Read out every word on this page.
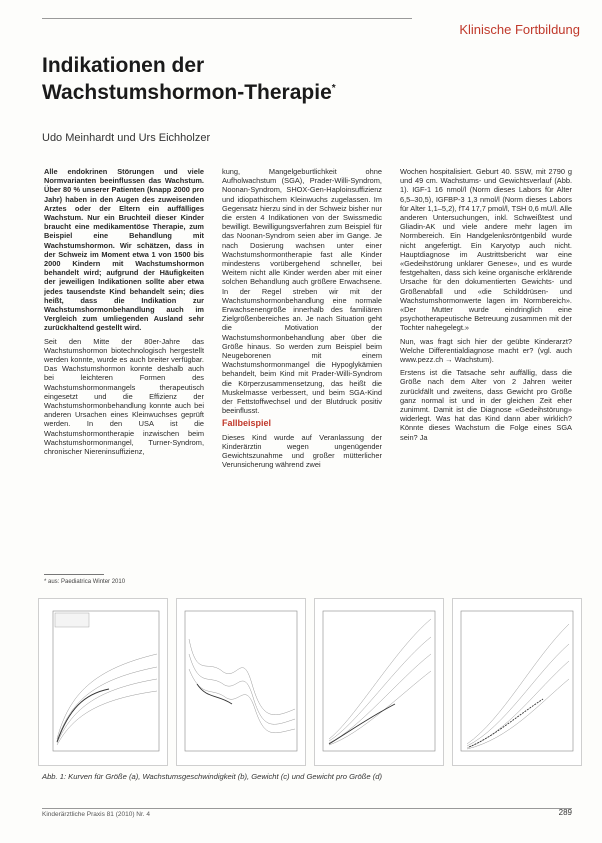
Klinische Fortbildung
Indikationen der
Wachstumshormon-Therapie*
Udo Meinhardt und Urs Eichholzer

Alle endokrinen Störungen und viele Normvarianten beeinflussen das Wachstum. Über 80 % unserer Patienten (knapp 2000 pro Jahr) haben in den Augen des zuweisenden Arztes oder der Eltern ein auffälliges Wachstum. Nur ein Bruchteil dieser Kinder braucht eine medikamentöse Therapie, zum Beispiel eine Behandlung mit Wachstumshormon. Wir schätzen, dass in der Schweiz im Moment etwa 1 von 1500 bis 2000 Kindern mit Wachstumshormon behandelt wird; aufgrund der Häufigkeiten der jeweiligen Indikationen sollte aber etwa jedes tausendste Kind behandelt sein; dies heißt, dass die Indikation zur Wachstumshormonbehandlung auch im Vergleich zum umliegenden Ausland sehr zurückhaltend gestellt wird.

Seit den Mitte der 80er-Jahre das Wachstumshormon biotechnologisch hergestellt werden konnte, wurde es auch breiter verfügbar. Das Wachstumshormon konnte deshalb auch bei leichteren Formen des Wachstumshormonmangels therapeutisch eingesetzt und die Effizienz der Wachstumshormonbehandlung konnte auch bei anderen Ursachen eines Kleinwuchses geprüft werden. In den USA ist die Wachstumshormontherapie inzwischen beim Wachstumshormonmangel, Turner-Syndrom, chronischer Niereninsuffizienz,

* aus: Paediatrica Winter 2010

kung, Mangelgeburtlichkeit ohne Aufholwachstum (SGA), Prader-Willi-Syndrom, Noonan-Syndrom, SHOX-Gen-Haploinsuffizienz und idiopathischem Kleinwuchs zugelassen. Im Gegensatz hierzu sind in der Schweiz bisher nur die ersten 4 Indikationen von der Swissmedic bewilligt. Bewilligungsverfahren zum Beispiel für das Noonan-Syndrom seien aber im Gange. Je nach Dosierung wachsen unter einer Wachstumshormontherapie fast alle Kinder mindestens vorübergehend schneller, bei Weitem nicht alle Kinder werden aber mit einer solchen Behandlung auch größere Erwachsene. In der Regel streben wir mit der Wachstumshormonbehandlung eine normale Erwachsenengröße innerhalb des familiären Zielgrößenbereiches an. Je nach Situation geht die Motivation der Wachstumshormonbehandlung aber über die Größe hinaus. So werden zum Beispiel beim Neugeborenen mit einem Wachstumshormonmangel die Hypoglykämien behandelt, beim Kind mit Prader-Willi-Syndrom die Körperzusammensetzung, das heißt die Muskelmasse verbessert, und beim SGA-Kind der Fettstoffwechsel und der Blutdruck positiv beeinflusst.

Fallbeispiel

Dieses Kind wurde auf Veranlassung der Kinderärztin wegen ungenügender Gewichtszunahme und großer mütterlicher Verunsicherung während zwei

Wochen hospitalisiert. Geburt 40. SSW, mit 2790 g und 49 cm. Wachstums- und Gewichtsverlauf (Abb. 1). IGF-1 16 nmol/l (Norm dieses Labors für Alter 6,5–30,5), IGFBP-3 1,3 nmol/l (Norm dieses Labors für Alter 1,1–5,2), fT4 17,7 pmol/l, TSH 0,6 mU/l. Alle anderen Untersuchungen, inkl. Schweißtest und Gliadin-AK und viele andere mehr lagen im Normbereich. Ein Handgelenksröntgenbild wurde nicht angefertigt. Ein Karyotyp auch nicht. Hauptdiagnose im Austrittsbericht war eine «Gedeihstörung unklarer Genese», und es wurde festgehalten, dass sich keine organische erklärende Ursache für den dokumentierten Gewichts- und Größenabfall und «die Schilddrüsen- und Wachstumshormonwerte lagen im Normbereich». «Der Mutter wurde eindringlich eine psychotherapeutische Betreuung zusammen mit der Tochter nahegelegt.»

Nun, was fragt sich hier der geübte Kinderarzt? Welche Differentialdiagnose macht er? (vgl. auch www.pezz.ch → Wachstum).

Erstens ist die Tatsache sehr auffällig, dass die Größe nach dem Alter von 2 Jahren weiter zurückfällt und zweitens, dass Gewicht pro Größe ganz normal ist und in der gleichen Zeit eher zunimmt. Damit ist die Diagnose «Gedeihstörung» widerlegt. Was hat das Kind dann aber wirklich? Könnte dieses Wachstum die Folge eines SGA sein? Ja

Abb. 1: Kurven für Größe (a), Wachstumsgeschwindigkeit (b), Gewicht (c) und Gewicht pro Größe (d)
Kinderärztliche Praxis 81 (2010) Nr. 4	289
